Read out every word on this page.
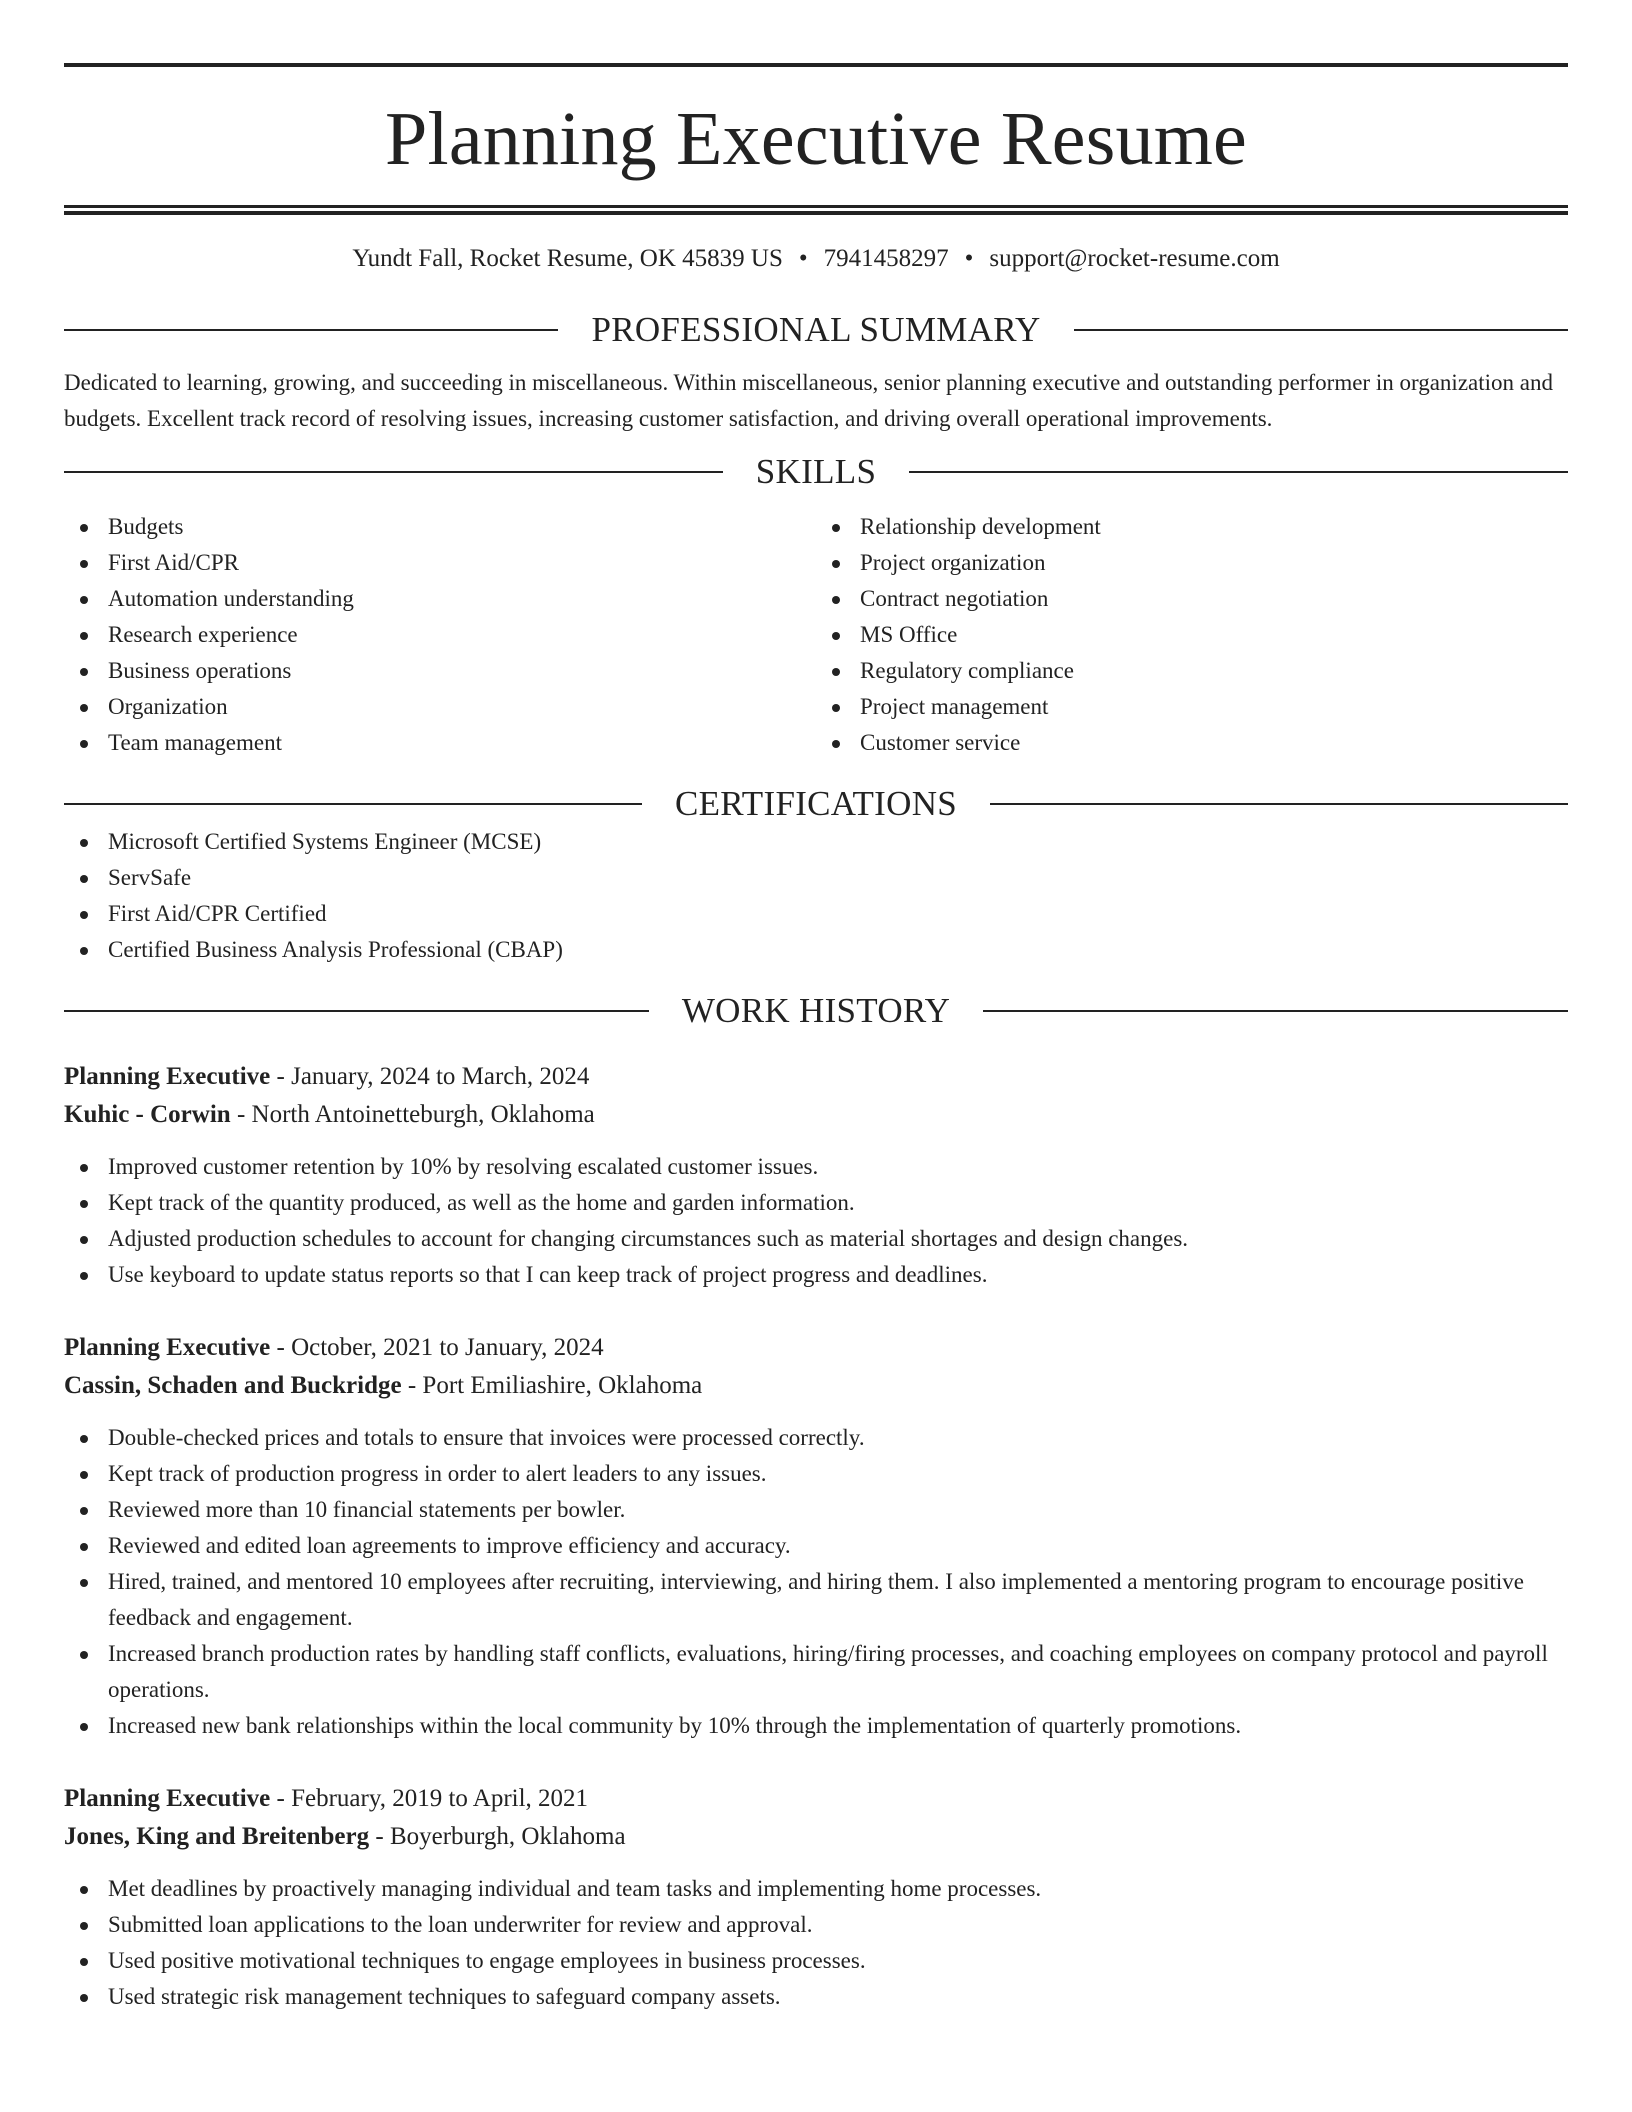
Planning Executive Resume
Yundt Fall, Rocket Resume, OK 45839 US • 7941458297 • support@rocket-resume.com
PROFESSIONAL SUMMARY

Dedicated to learning, growing, and succeeding in miscellaneous. Within miscellaneous, senior planning executive and outstanding performer in organization and budgets. Excellent track record of resolving issues, increasing customer satisfaction, and driving overall operational improvements.

SKILLS
Budgets
First Aid/CPR
Automation understanding
Research experience
Business operations
Organization
Team management
Relationship development
Project organization
Contract negotiation
MS Office
Regulatory compliance
Project management
Customer service
CERTIFICATIONS
Microsoft Certified Systems Engineer (MCSE)
ServSafe
First Aid/CPR Certified
Certified Business Analysis Professional (CBAP)
WORK HISTORY
Planning Executive - January, 2024 to March, 2024
Kuhic - Corwin - North Antoinetteburgh, Oklahoma
Improved customer retention by 10% by resolving escalated customer issues.
Kept track of the quantity produced, as well as the home and garden information.
Adjusted production schedules to account for changing circumstances such as material shortages and design changes.
Use keyboard to update status reports so that I can keep track of project progress and deadlines.
Planning Executive - October, 2021 to January, 2024
Cassin, Schaden and Buckridge - Port Emiliashire, Oklahoma
Double-checked prices and totals to ensure that invoices were processed correctly.
Kept track of production progress in order to alert leaders to any issues.
Reviewed more than 10 financial statements per bowler.
Reviewed and edited loan agreements to improve efficiency and accuracy.
Hired, trained, and mentored 10 employees after recruiting, interviewing, and hiring them. I also implemented a mentoring program to encourage positive feedback and engagement.
Increased branch production rates by handling staff conflicts, evaluations, hiring/firing processes, and coaching employees on company protocol and payroll operations.
Increased new bank relationships within the local community by 10% through the implementation of quarterly promotions.
Planning Executive - February, 2019 to April, 2021
Jones, King and Breitenberg - Boyerburgh, Oklahoma
Met deadlines by proactively managing individual and team tasks and implementing home processes.
Submitted loan applications to the loan underwriter for review and approval.
Used positive motivational techniques to engage employees in business processes.
Used strategic risk management techniques to safeguard company assets.
